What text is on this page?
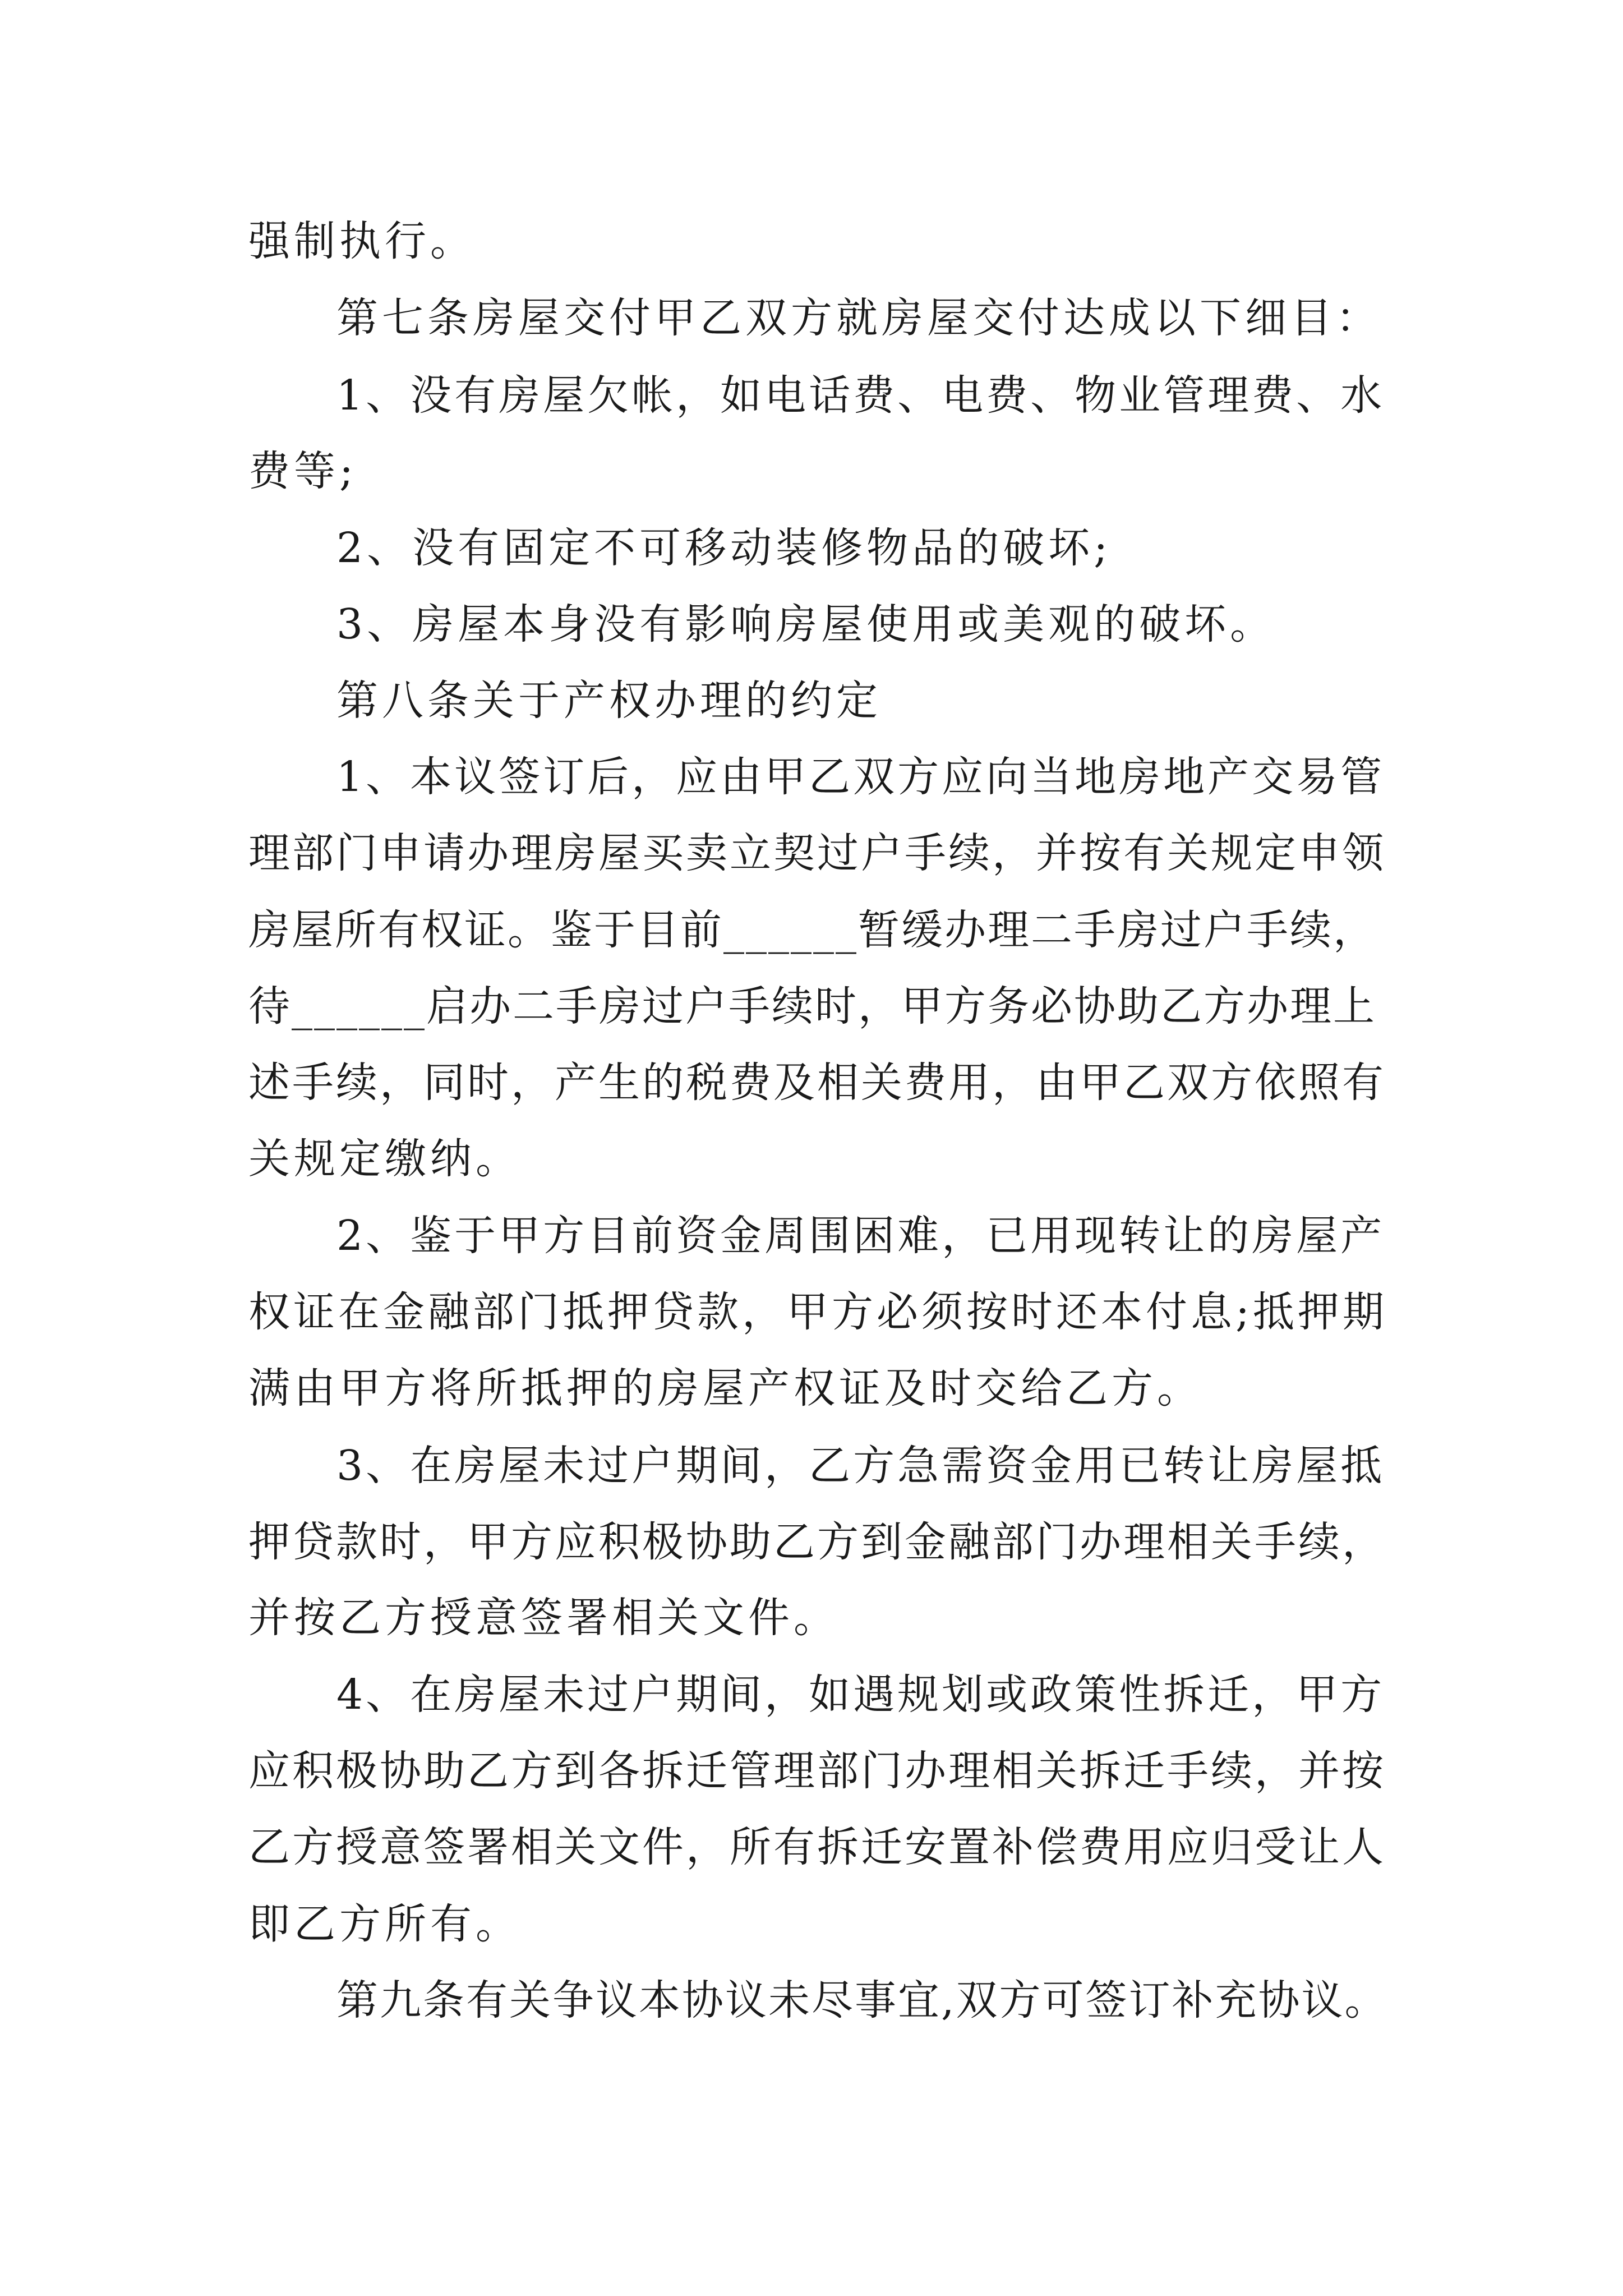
强制执行。
第七条房屋交付甲乙双方就房屋交付达成以下细目：
1、没有房屋欠帐，如电话费、电费、物业管理费、水
费等;
2、没有固定不可移动装修物品的破坏;
3、房屋本身没有影响房屋使用或美观的破坏。
第八条关于产权办理的约定
1、本议签订后，应由甲乙双方应向当地房地产交易管
理部门申请办理房屋买卖立契过户手续，并按有关规定申领
房屋所有权证。鉴于目前______暂缓办理二手房过户手续，
待______启办二手房过户手续时，甲方务必协助乙方办理上
述手续，同时，产生的税费及相关费用，由甲乙双方依照有
关规定缴纳。
2、鉴于甲方目前资金周围困难，已用现转让的房屋产
权证在金融部门抵押贷款，甲方必须按时还本付息;抵押期
满由甲方将所抵押的房屋产权证及时交给乙方。
3、在房屋未过户期间，乙方急需资金用已转让房屋抵
押贷款时，甲方应积极协助乙方到金融部门办理相关手续，
并按乙方授意签署相关文件。
4、在房屋未过户期间，如遇规划或政策性拆迁，甲方
应积极协助乙方到各拆迁管理部门办理相关拆迁手续，并按
乙方授意签署相关文件，所有拆迁安置补偿费用应归受让人
即乙方所有。
第九条有关争议本协议未尽事宜,双方可签订补充协议。
